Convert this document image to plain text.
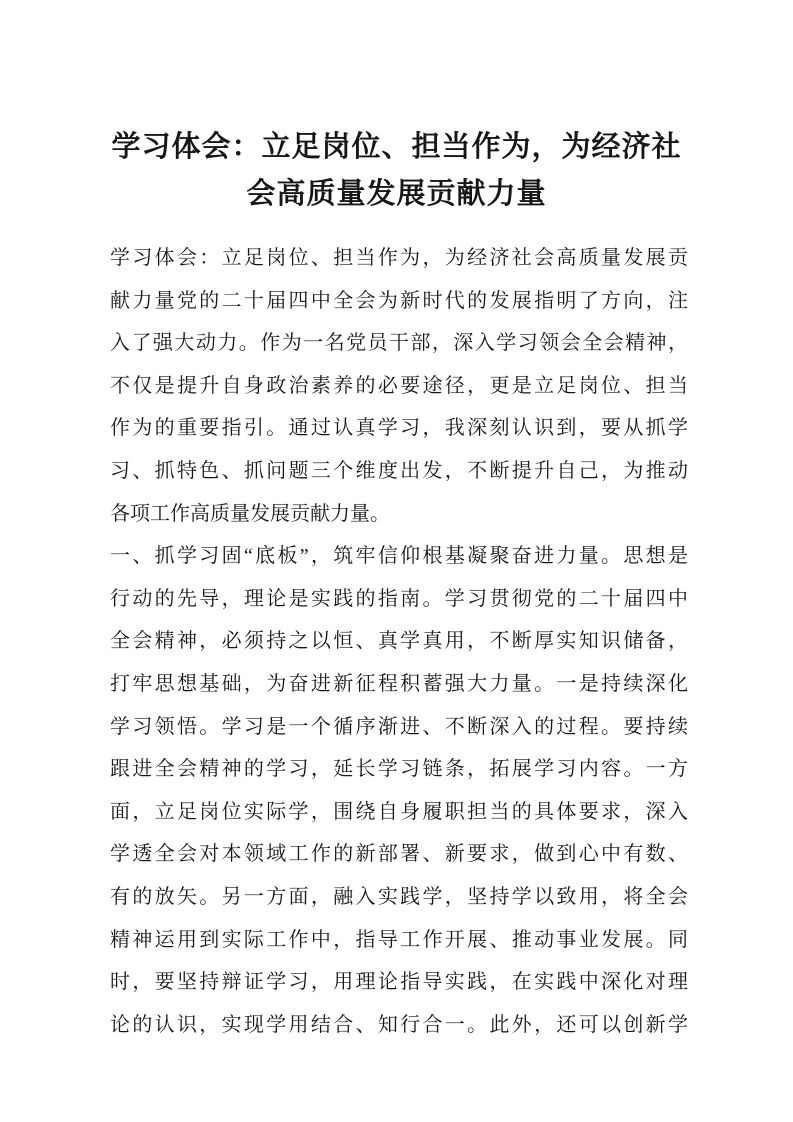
学习体会：立足岗位、担当作为，为经济社
会高质量发展贡献力量
学习体会：立足岗位、担当作为，为经济社会高质量发展贡
献力量党的二十届四中全会为新时代的发展指明了方向，注
入了强大动力。作为一名党员干部，深入学习领会全会精神，
不仅是提升自身政治素养的必要途径，更是立足岗位、担当
作为的重要指引。通过认真学习，我深刻认识到，要从抓学
习、抓特色、抓问题三个维度出发，不断提升自己，为推动
各项工作高质量发展贡献力量。
一、抓学习固“底板”，筑牢信仰根基凝聚奋进力量。思想是
行动的先导，理论是实践的指南。学习贯彻党的二十届四中
全会精神，必须持之以恒、真学真用，不断厚实知识储备，
打牢思想基础，为奋进新征程积蓄强大力量。一是持续深化
学习领悟。学习是一个循序渐进、不断深入的过程。要持续
跟进全会精神的学习，延长学习链条，拓展学习内容。一方
面，立足岗位实际学，围绕自身履职担当的具体要求，深入
学透全会对本领域工作的新部署、新要求，做到心中有数、
有的放矢。另一方面，融入实践学，坚持学以致用，将全会
精神运用到实际工作中，指导工作开展、推动事业发展。同
时，要坚持辩证学习，用理论指导实践，在实践中深化对理
论的认识，实现学用结合、知行合一。此外，还可以创新学
